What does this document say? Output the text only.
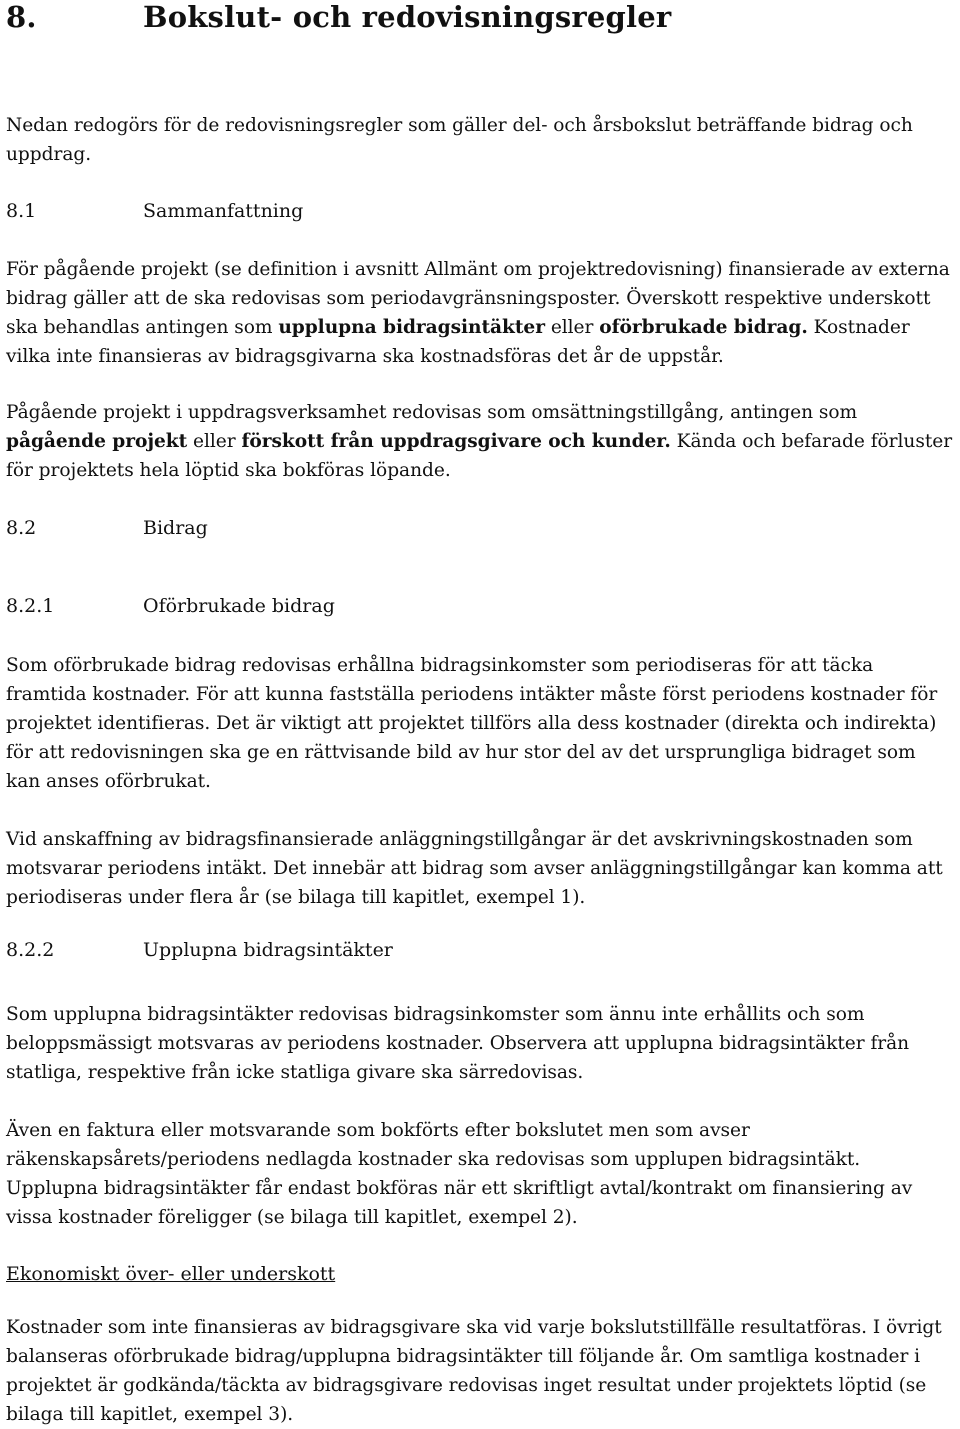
8.	Bokslut- och redovisningsregler

Nedan redogörs för de redovisningsregler som gäller del- och årsbokslut beträffande bidrag och uppdrag.

8.1	Sammanfattning

För pågående projekt (se definition i avsnitt Allmänt om projektredovisning) finansierade av externa bidrag gäller att de ska redovisas som periodavgränsningsposter. Överskott respektive underskott ska behandlas antingen som upplupna bidragsintäkter eller oförbrukade bidrag. Kostnader vilka inte finansieras av bidragsgivarna ska kostnadsföras det år de uppstår.

Pågående projekt i uppdragsverksamhet redovisas som omsättningstillgång, antingen som pågående projekt eller förskott från uppdragsgivare och kunder. Kända och befarade förluster för projektets hela löptid ska bokföras löpande.

8.2	Bidrag
8.2.1	Oförbrukade bidrag

Som oförbrukade bidrag redovisas erhållna bidragsinkomster som periodiseras för att täcka framtida kostnader. För att kunna fastställa periodens intäkter måste först periodens kostnader för projektet identifieras. Det är viktigt att projektet tillförs alla dess kostnader (direkta och indirekta) för att redovisningen ska ge en rättvisande bild av hur stor del av det ursprungliga bidraget som kan anses oförbrukat.

Vid anskaffning av bidragsfinansierade anläggningstillgångar är det avskrivningskostnaden som motsvarar periodens intäkt. Det innebär att bidrag som avser anläggningstillgångar kan komma att periodiseras under flera år (se bilaga till kapitlet, exempel 1).

8.2.2	Upplupna bidragsintäkter

Som upplupna bidragsintäkter redovisas bidragsinkomster som ännu inte erhållits och som beloppsmässigt motsvaras av periodens kostnader. Observera att upplupna bidragsintäkter från statliga, respektive från icke statliga givare ska särredovisas.

Även en faktura eller motsvarande som bokförts efter bokslutet men som avser räkenskapsårets/periodens nedlagda kostnader ska redovisas som upplupen bidragsintäkt. Upplupna bidragsintäkter får endast bokföras när ett skriftligt avtal/kontrakt om finansiering av vissa kostnader föreligger (se bilaga till kapitlet, exempel 2).

Ekonomiskt över- eller underskott

Kostnader som inte finansieras av bidragsgivare ska vid varje bokslutstillfälle resultatföras. I övrigt balanseras oförbrukade bidrag/upplupna bidragsintäkter till följande år. Om samtliga kostnader i projektet är godkända/täckta av bidragsgivare redovisas inget resultat under projektets löptid (se bilaga till kapitlet, exempel 3).
